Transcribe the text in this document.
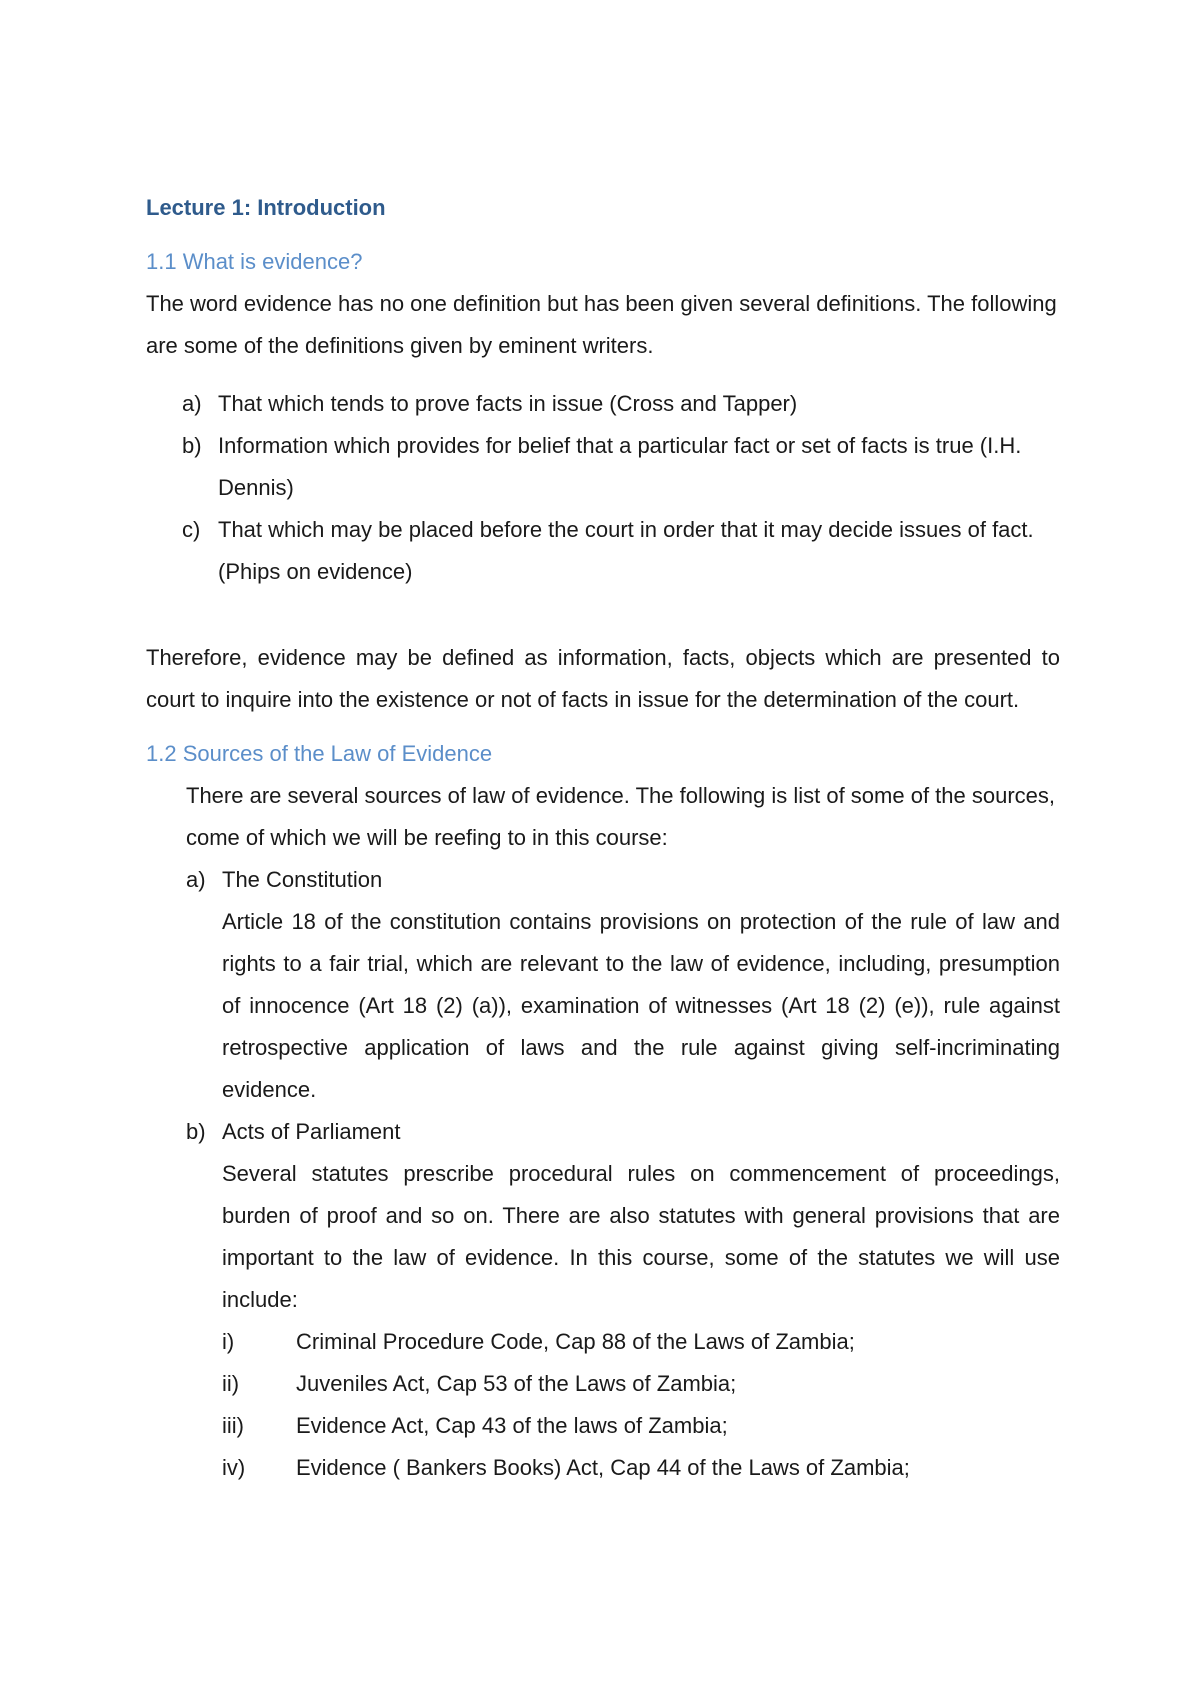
Lecture 1: Introduction
1.1 What is evidence?

The word evidence has no one definition but has been given several definitions. The following are some of the definitions given by eminent writers.

a) That which tends to prove facts in issue (Cross and Tapper)
b) Information which provides for belief that a particular fact or set of facts is true (I.H. Dennis)
c) That which may be placed before the court in order that it may decide issues of fact. (Phips on evidence)

Therefore, evidence may be defined as information, facts, objects which are presented to court to inquire into the existence or not of facts in issue for the determination of the court.

1.2 Sources of the Law of Evidence

There are several sources of law of evidence. The following is list of some of the sources, come of which we will be reefing to in this course:

a) The Constitution
Article 18 of the constitution contains provisions on protection of the rule of law and rights to a fair trial, which are relevant to the law of evidence, including, presumption of innocence (Art 18 (2) (a)), examination of witnesses (Art 18 (2) (e)), rule against retrospective application of laws and the rule against giving self-incriminating evidence.
b) Acts of Parliament
Several statutes prescribe procedural rules on commencement of proceedings, burden of proof and so on. There are also statutes with general provisions that are important to the law of evidence. In this course, some of the statutes we will use include:
i)	Criminal Procedure Code, Cap 88 of the Laws of Zambia;
ii)	Juveniles Act, Cap 53 of the Laws of Zambia;
iii)	Evidence Act, Cap 43 of the laws of Zambia;
iv)	Evidence ( Bankers Books) Act, Cap 44 of the Laws of Zambia;
